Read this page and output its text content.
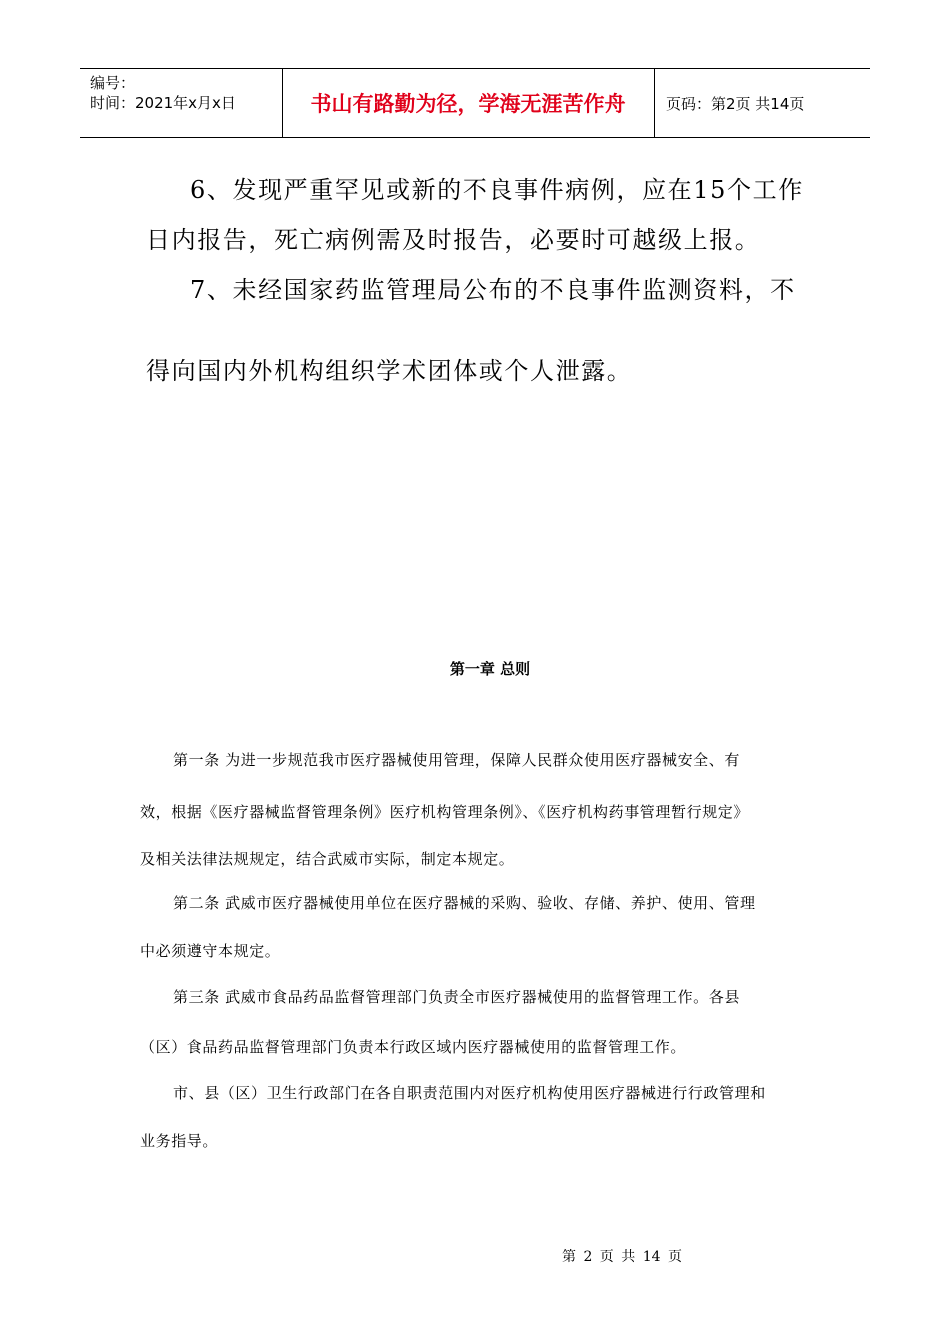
编号：
时间：2021年x月x日	书山有路勤为径，学海无涯苦作舟	页码：第2页 共14页
6、发现严重罕见或新的不良事件病例，应在15个工作
日内报告，死亡病例需及时报告，必要时可越级上报。
7、未经国家药监管理局公布的不良事件监测资料，不
得向国内外机构组织学术团体或个人泄露。
第一章 总则
第一条 为进一步规范我市医疗器械使用管理，保障人民群众使用医疗器械安全、有
效，根据《医疗器械监督管理条例》医疗机构管理条例》、《医疗机构药事管理暂行规定》
及相关法律法规规定，结合武威市实际，制定本规定。
第二条 武威市医疗器械使用单位在医疗器械的采购、验收、存储、养护、使用、管理
中必须遵守本规定。
第三条 武威市食品药品监督管理部门负责全市医疗器械使用的监督管理工作。各县
（区）食品药品监督管理部门负责本行政区域内医疗器械使用的监督管理工作。
市、县（区）卫生行政部门在各自职责范围内对医疗机构使用医疗器械进行行政管理和
业务指导。
第 2 页 共 14 页
